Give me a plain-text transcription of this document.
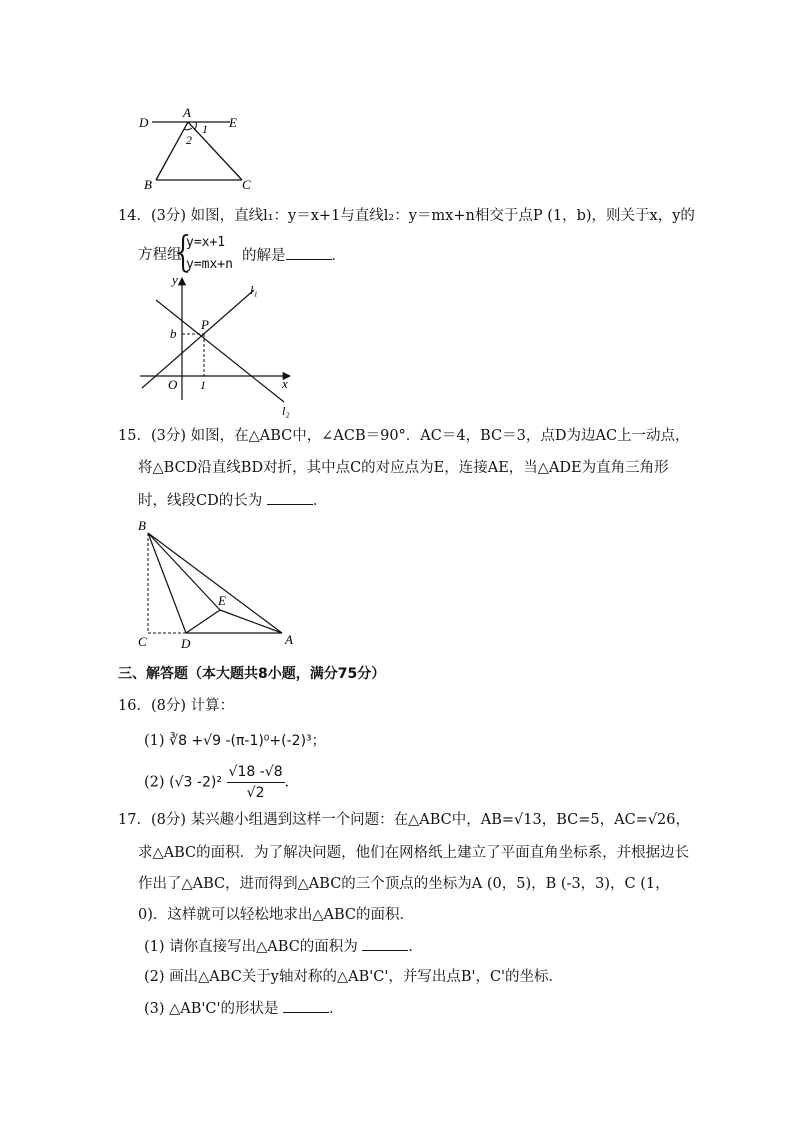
D
A
E
1
2
B	C
14．(3分) 如图，直线l₁：y＝x+1与直线l₂：y＝mx+n相交于点P (1，b)，则关于x，y的
方程组
{
y=x+1
y=mx+n
的解是	．
y
l₁
P
b
O 1	x
l₂
15．(3分) 如图，在△ABC中，∠ACB＝90°．AC＝4，BC＝3，点D为边AC上一动点，
将△BCD沿直线BD对折，其中点C的对应点为E，连接AE，当△ADE为直角三角形
时，线段CD的长为	．
B
E
C	D	A
三、解答题（本大题共8小题，满分75分）
16．(8分) 计算：
(1) ∛8 +√9 -(π-1)⁰+(-2)³；
(2) (√3 $-2)^2 \frac{√18 -√8}{√2}$ ．
17．(8分) 某兴趣小组遇到这样一个问题：在△ABC中，AB=√13，BC=5，AC=√26，
求△ABC的面积．为了解决问题，他们在网格纸上建立了平面直角坐标系，并根据边长
作出了△ABC，进而得到△ABC的三个顶点的坐标为A (0，5)，B (-3，3)，C (1，
0)．这样就可以轻松地求出△ABC的面积．
(1) 请你直接写出△ABC的面积为	．
(2) 画出△ABC关于y轴对称的△AB'C'，并写出点B'，C'的坐标．
(3) △AB'C'的形状是	．
